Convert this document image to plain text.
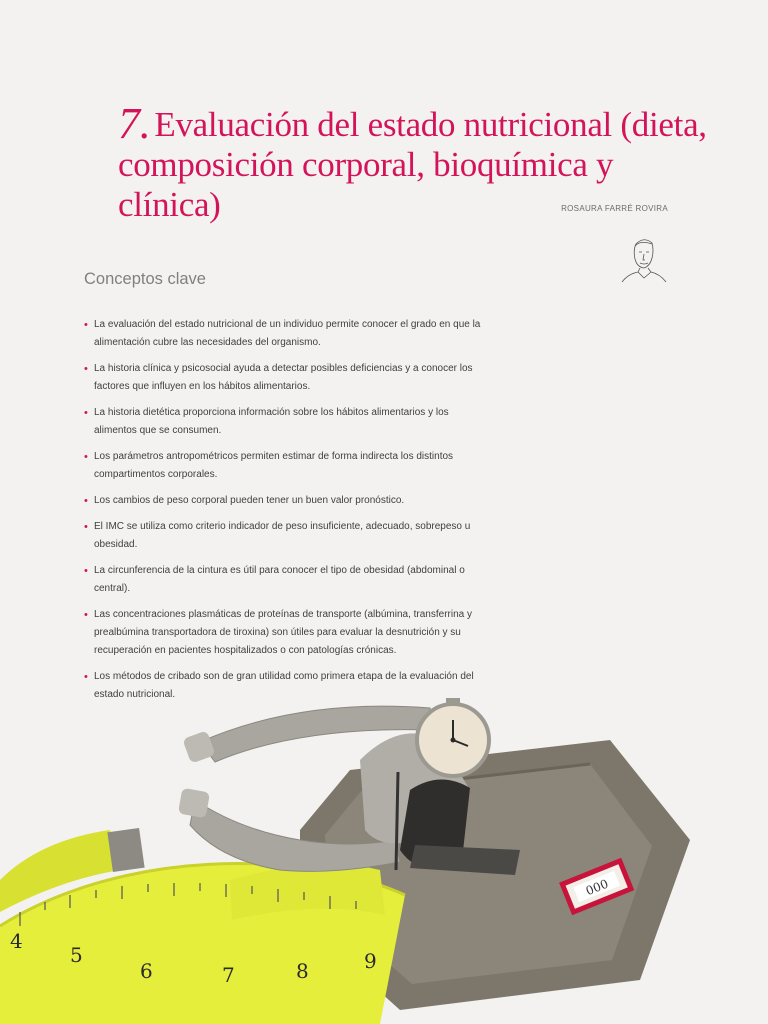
7. Evaluación del estado nutricional (dieta, composición corporal, bioquímica y clínica)	ROSAURA FARRÉ ROVIRA
Conceptos clave
• La evaluación del estado nutricional de un individuo permite conocer el grado en que la alimentación cubre las necesidades del organismo.
• La historia clínica y psicosocial ayuda a detectar posibles deficiencias y a conocer los factores que influyen en los hábitos alimentarios.
• La historia dietética proporciona información sobre los hábitos alimentarios y los alimentos que se consumen.
• Los parámetros antropométricos permiten estimar de forma indirecta los distintos compartimentos corporales.
• Los cambios de peso corporal pueden tener un buen valor pronóstico.
• El IMC se utiliza como criterio indicador de peso insuficiente, adecuado, sobrepeso u obesidad.
• La circunferencia de la cintura es útil para conocer el tipo de obesidad (abdominal o central).
• Las concentraciones plasmáticas de proteínas de transporte (albúmina, transferrina y prealbúmina transportadora de tiroxina) son útiles para evaluar la desnutrición y su recuperación en pacientes hospitalizados o con patologías crónicas.
• Los métodos de cribado son de gran utilidad como primera etapa de la evaluación del estado nutricional.
000
4
5
6	7	8	9
